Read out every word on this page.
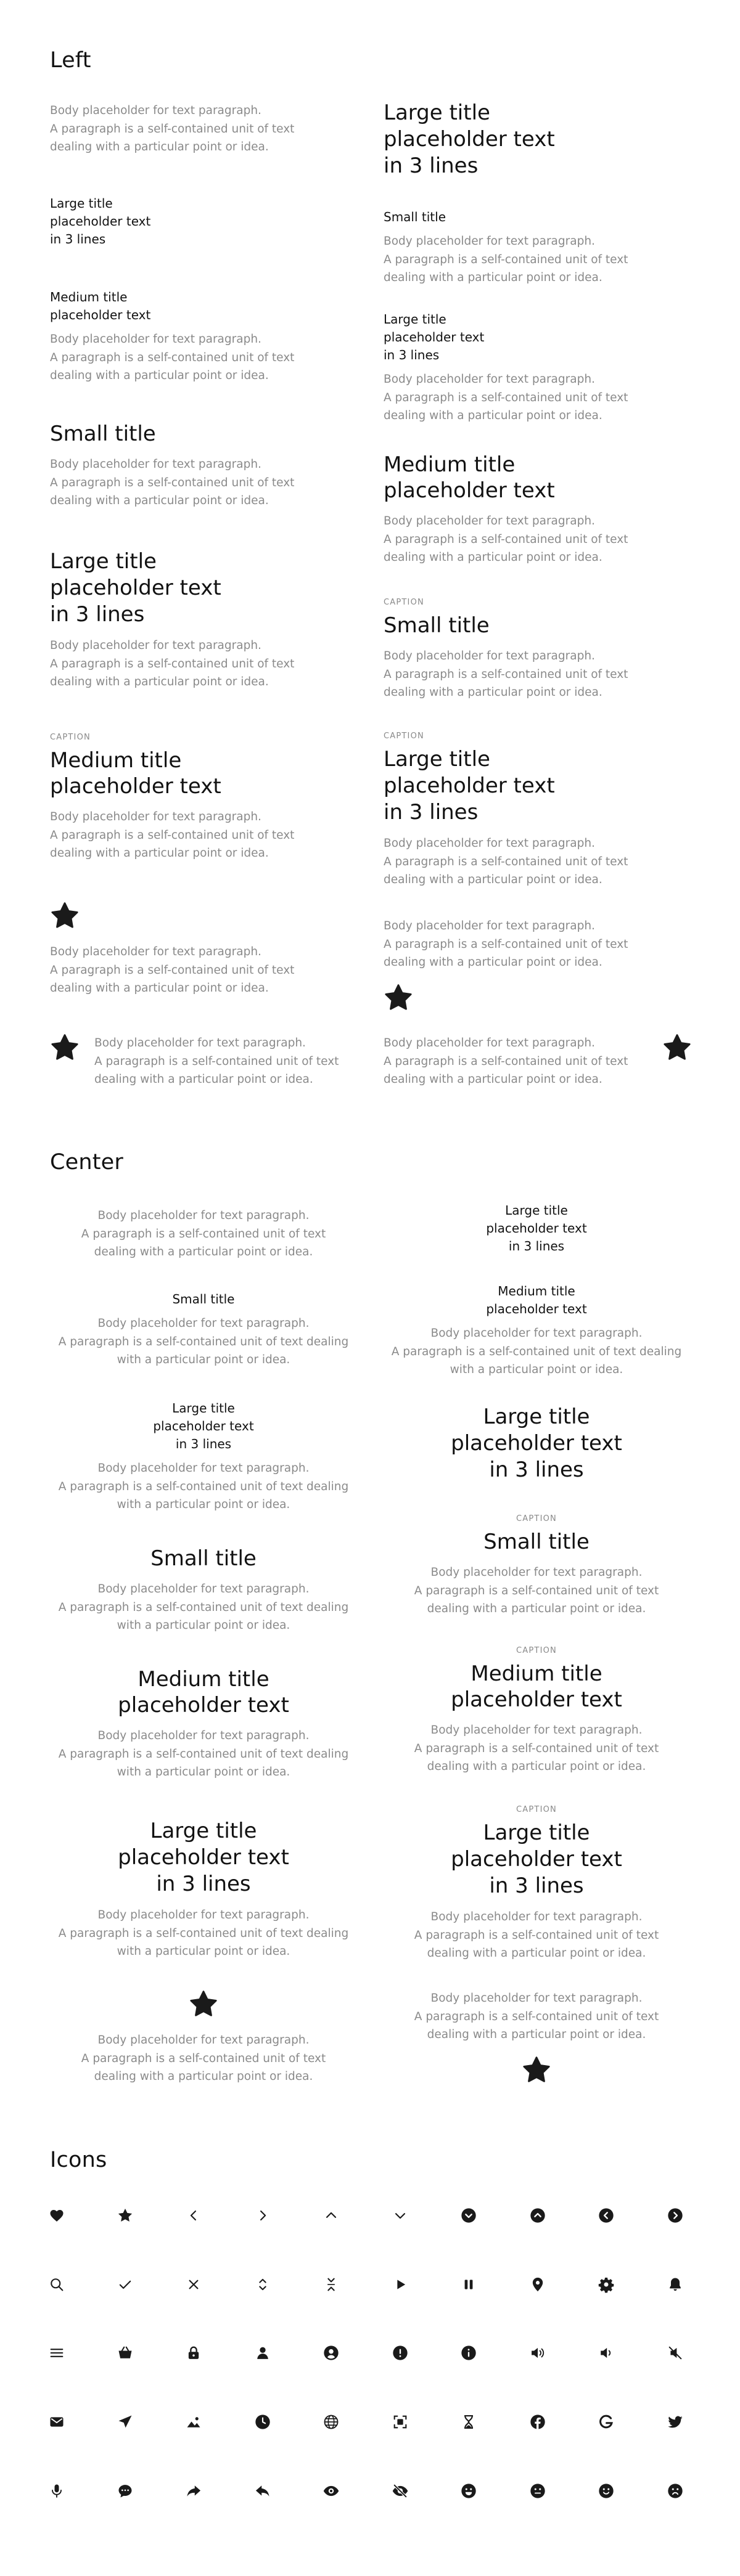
Left
Body placeholder for text paragraph.
A paragraph is a self-contained unit of text
dealing with a particular point or idea.
Large title
placeholder text
in 3 lines
Medium title
placeholder text
Body placeholder for text paragraph.
A paragraph is a self-contained unit of text
dealing with a particular point or idea.
Small title
Body placeholder for text paragraph.
A paragraph is a self-contained unit of text
dealing with a particular point or idea.
Large title
placeholder text
in 3 lines
Body placeholder for text paragraph.
A paragraph is a self-contained unit of text
dealing with a particular point or idea.
CAPTION
Medium title
placeholder text
Body placeholder for text paragraph.
A paragraph is a self-contained unit of text
dealing with a particular point or idea.
Body placeholder for text paragraph.
A paragraph is a self-contained unit of text
dealing with a particular point or idea.
Body placeholder for text paragraph.
A paragraph is a self-contained unit of text
dealing with a particular point or idea.
Large title
placeholder text
in 3 lines
Small title
Body placeholder for text paragraph.
A paragraph is a self-contained unit of text
dealing with a particular point or idea.
Large title
placeholder text
in 3 lines
Body placeholder for text paragraph.
A paragraph is a self-contained unit of text
dealing with a particular point or idea.
Medium title
placeholder text
Body placeholder for text paragraph.
A paragraph is a self-contained unit of text
dealing with a particular point or idea.
CAPTION
Small title
Body placeholder for text paragraph.
A paragraph is a self-contained unit of text
dealing with a particular point or idea.
CAPTION
Large title
placeholder text
in 3 lines
Body placeholder for text paragraph.
A paragraph is a self-contained unit of text
dealing with a particular point or idea.
Body placeholder for text paragraph.
A paragraph is a self-contained unit of text
dealing with a particular point or idea.
Body placeholder for text paragraph.
A paragraph is a self-contained unit of text
dealing with a particular point or idea.
Center
Body placeholder for text paragraph.
A paragraph is a self-contained unit of text
dealing with a particular point or idea.
Small title
Body placeholder for text paragraph.
A paragraph is a self-contained unit of text dealing
with a particular point or idea.
Large title
placeholder text
in 3 lines
Body placeholder for text paragraph.
A paragraph is a self-contained unit of text dealing
with a particular point or idea.
Small title
Body placeholder for text paragraph.
A paragraph is a self-contained unit of text dealing
with a particular point or idea.
Medium title
placeholder text
Body placeholder for text paragraph.
A paragraph is a self-contained unit of text dealing
with a particular point or idea.
Large title
placeholder text
in 3 lines
Body placeholder for text paragraph.
A paragraph is a self-contained unit of text dealing
with a particular point or idea.
Body placeholder for text paragraph.
A paragraph is a self-contained unit of text
dealing with a particular point or idea.
Large title
placeholder text
in 3 lines
Medium title
placeholder text
Body placeholder for text paragraph.
A paragraph is a self-contained unit of text dealing
with a particular point or idea.
Large title
placeholder text
in 3 lines
CAPTION
Small title
Body placeholder for text paragraph.
A paragraph is a self-contained unit of text
dealing with a particular point or idea.
CAPTION
Medium title
placeholder text
Body placeholder for text paragraph.
A paragraph is a self-contained unit of text
dealing with a particular point or idea.
CAPTION
Large title
placeholder text
in 3 lines
Body placeholder for text paragraph.
A paragraph is a self-contained unit of text
dealing with a particular point or idea.
Body placeholder for text paragraph.
A paragraph is a self-contained unit of text
dealing with a particular point or idea.
Icons
